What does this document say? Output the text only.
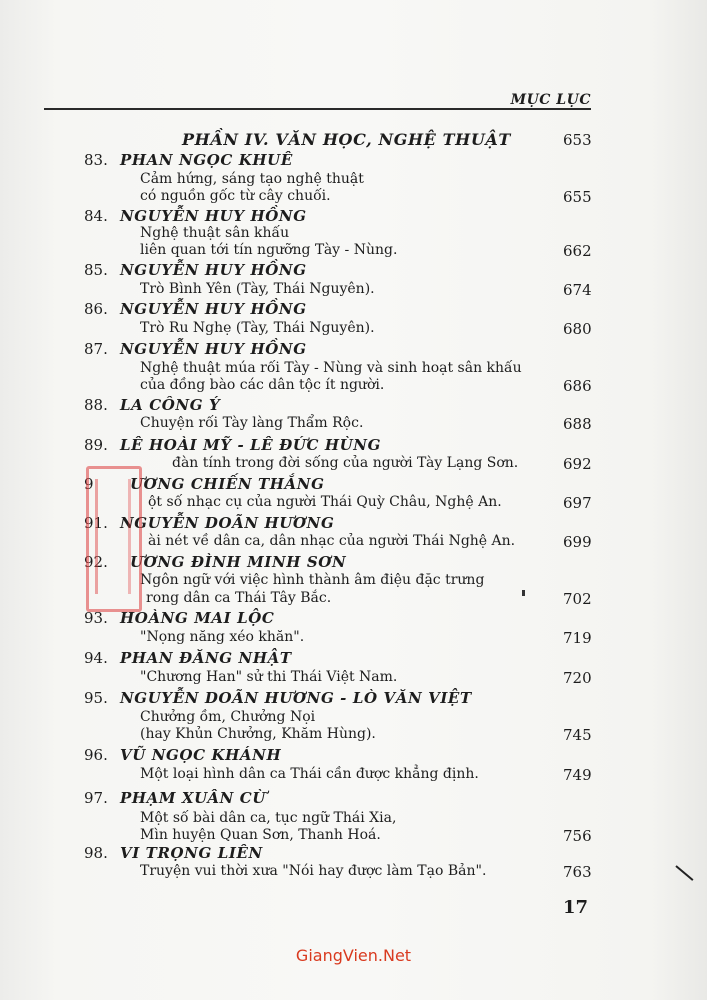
MỤC LỤC
PHẦN IV. VĂN HỌC, NGHỆ THUẬT	653
83. PHAN NGỌC KHUÊ
Cảm hứng, sáng tạo nghệ thuật
có nguồn gốc từ cây chuối.	655
84. NGUYỄN HUY HỒNG
Nghệ thuật sân khấu
liên quan tới tín ngưỡng Tày - Nùng.	662
85. NGUYỄN HUY HỒNG
Trò Bình Yên (Tày, Thái Nguyên).	674
86. NGUYỄN HUY HỒNG
Trò Ru Nghẹ (Tày, Thái Nguyên).	680
87. NGUYỄN HUY HỒNG
Nghệ thuật múa rối Tày - Nùng và sinh hoạt sân khấu
của đồng bào các dân tộc ít người.	686
88. LA CÔNG Ý
Chuyện rối Tày làng Thẩm Rộc.	688
89. LÊ HOÀI MỸ - LÊ ĐỨC HÙNG
đàn tính trong đời sống của người Tày Lạng Sơn.	692
9 ƯƠNG CHIẾN THẮNG
ột số nhạc cụ của người Thái Quỳ Châu, Nghệ An.	697
91. NGUYỄN DOÃN HƯƠNG
ài nét về dân ca, dân nhạc của người Thái Nghệ An.	699
92. ƯƠNG ĐÌNH MINH SƠN
Ngôn ngữ với việc hình thành âm điệu đặc trưng
rong dân ca Thái Tây Bắc.	702
93. HOÀNG MAI LỘC
"Nọng năng xéo khăn".	719
94. PHAN ĐĂNG NHẬT
"Chương Han" sử thi Thái Việt Nam.	720
95. NGUYỄN DOÃN HƯƠNG - LÒ VĂN VIỆT
Chưởng ồm, Chưởng Nọi
(hay Khủn Chưởng, Khăm Hùng).	745
96. VŨ NGỌC KHÁNH
Một loại hình dân ca Thái cần được khẳng định.	749
97. PHẠM XUÂN CỪ
Một số bài dân ca, tục ngữ Thái Xia,
Mìn huyện Quan Sơn, Thanh Hoá.	756
98. VI TRỌNG LIÊN
Truyện vui thời xưa "Nói hay được làm Tạo Bản".	763
17
GiangVien.Net
